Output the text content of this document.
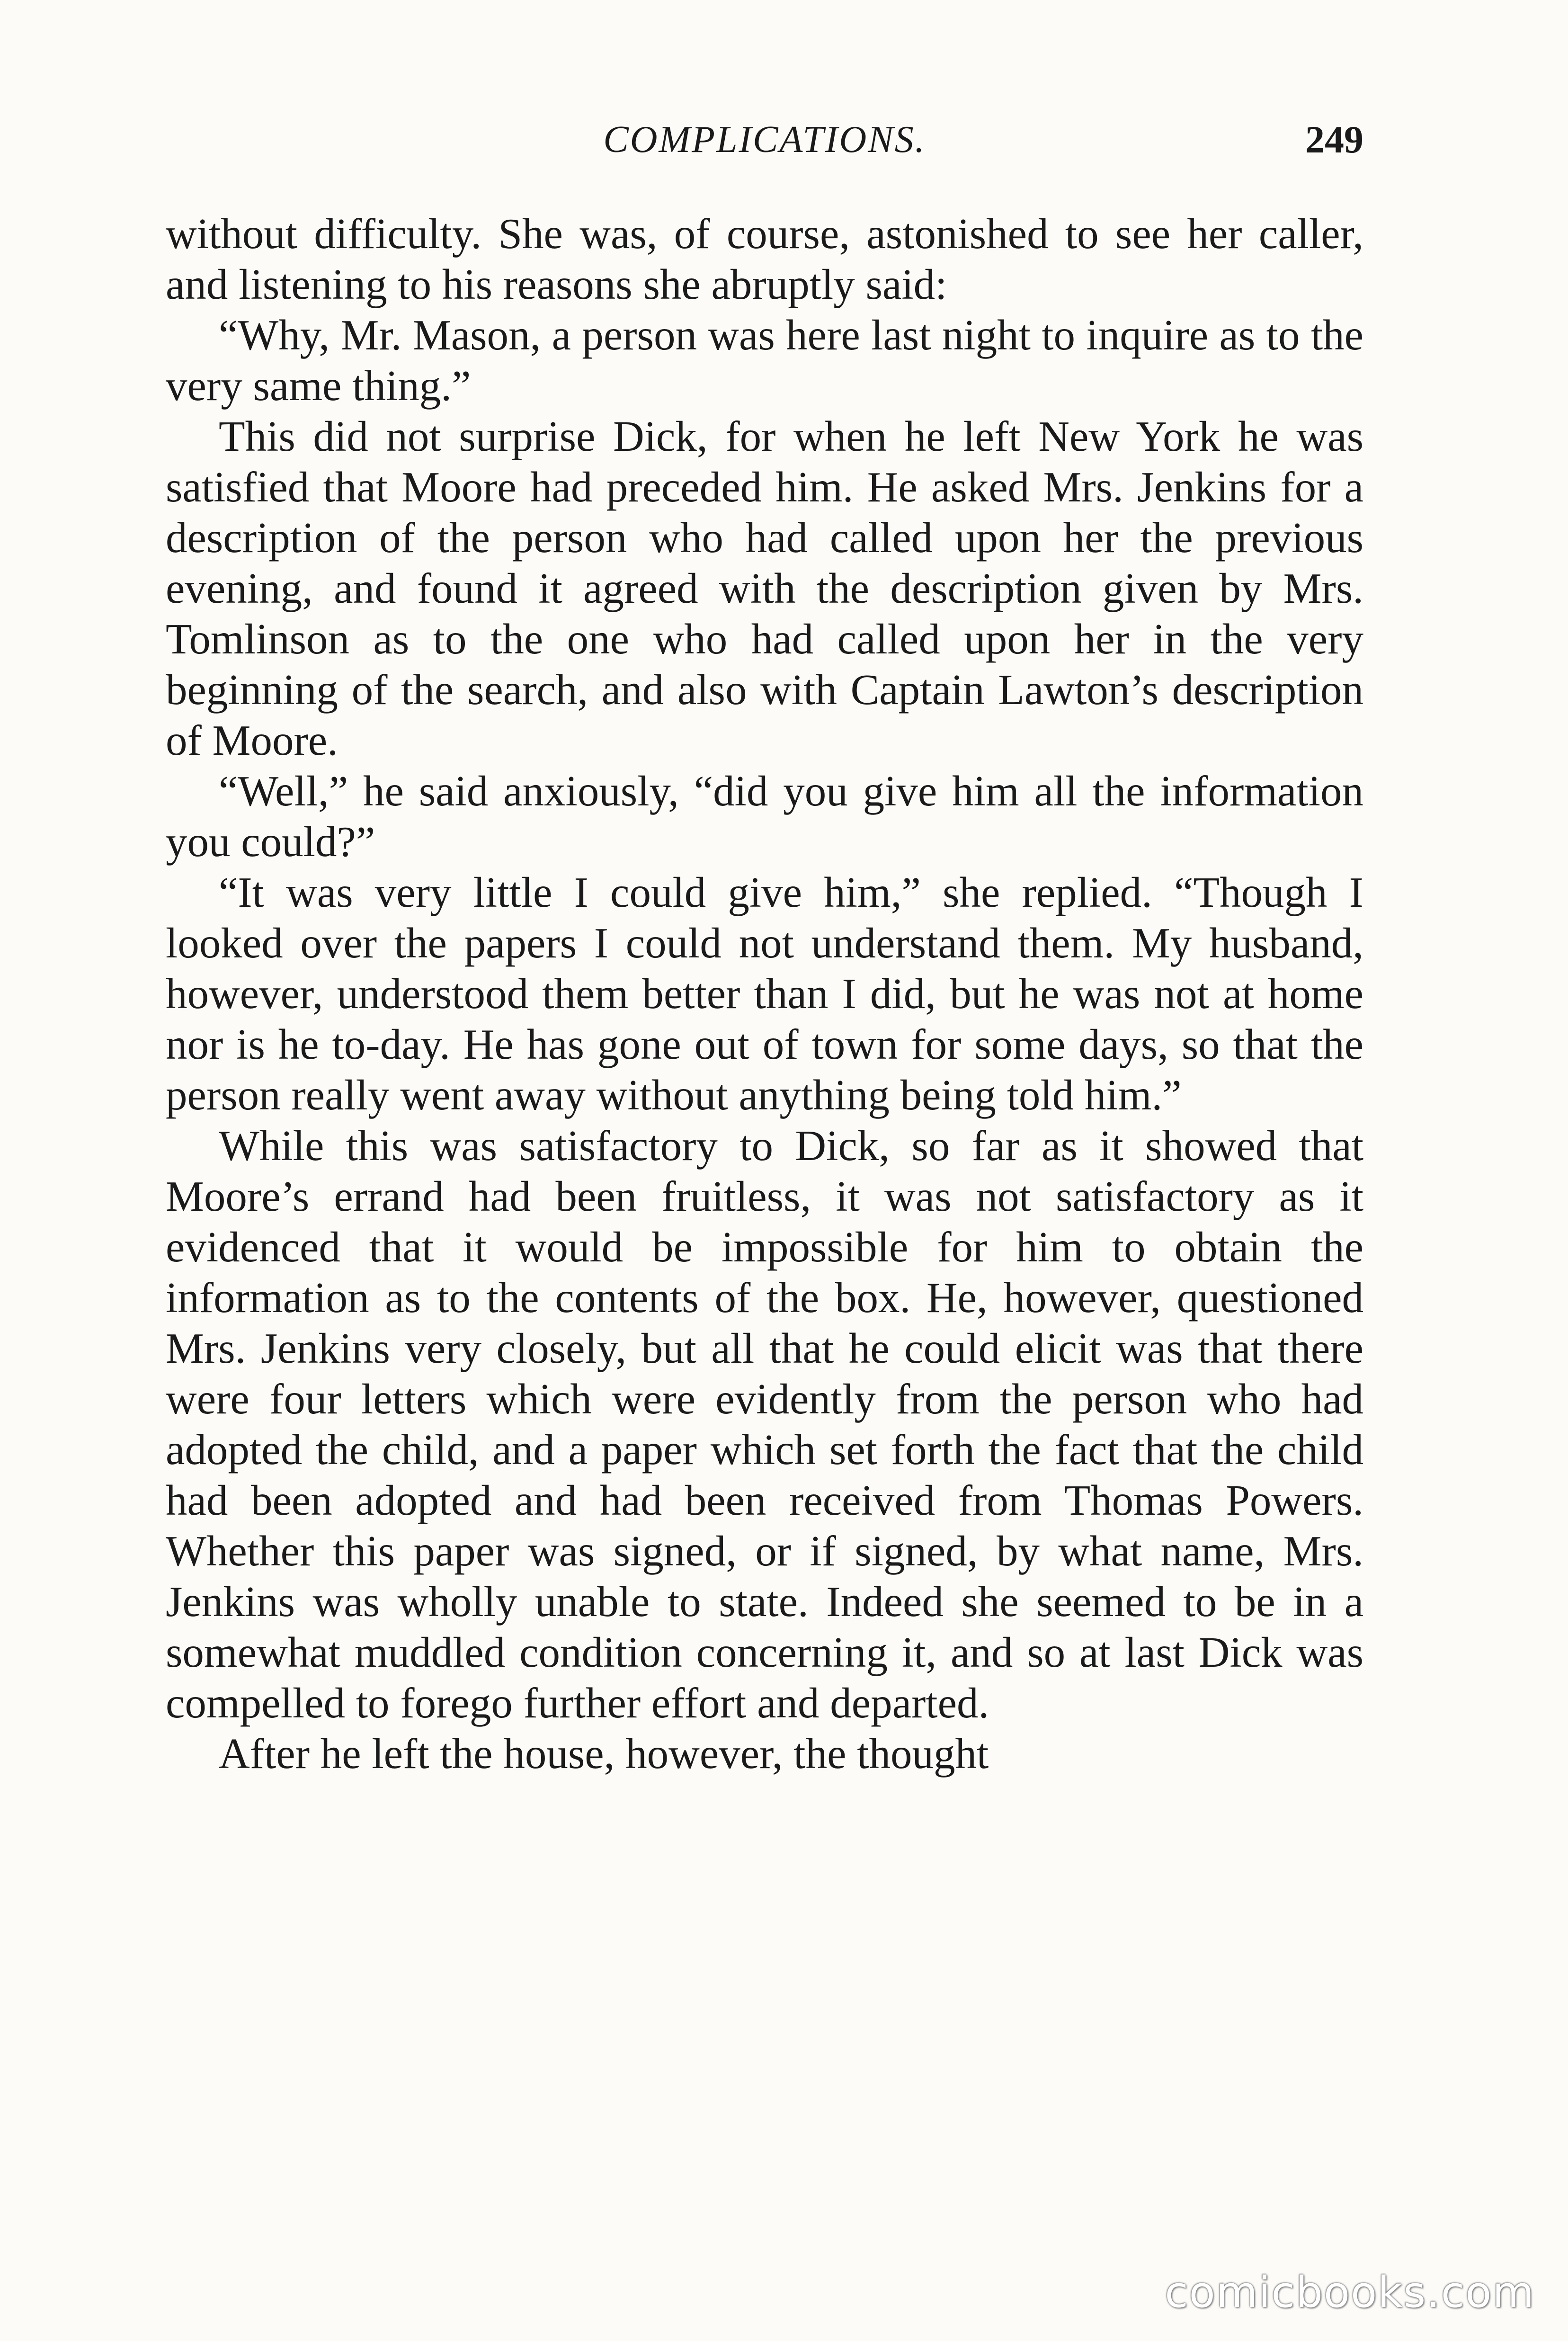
COMPLICATIONS.	249

without difficulty. She was, of course, astonished to see her caller, and listening to his reasons she abruptly said:

“Why, Mr. Mason, a person was here last night to inquire as to the very same thing.”

This did not surprise Dick, for when he left New York he was satisfied that Moore had preceded him. He asked Mrs. Jenkins for a description of the person who had called upon her the previous evening, and found it agreed with the description given by Mrs. Tomlinson as to the one who had called upon her in the very beginning of the search, and also with Captain Lawton’s description of Moore.

“Well,” he said anxiously, “did you give him all the information you could?”

“It was very little I could give him,” she replied. “Though I looked over the papers I could not understand them. My husband, however, understood them better than I did, but he was not at home nor is he to-day. He has gone out of town for some days, so that the person really went away without anything being told him.”

While this was satisfactory to Dick, so far as it showed that Moore’s errand had been fruitless, it was not satisfactory as it evidenced that it would be impossible for him to obtain the information as to the contents of the box. He, however, questioned Mrs. Jenkins very closely, but all that he could elicit was that there were four letters which were evidently from the person who had adopted the child, and a paper which set forth the fact that the child had been adopted and had been received from Thomas Powers. Whether this paper was signed, or if signed, by what name, Mrs. Jenkins was wholly unable to state. Indeed she seemed to be in a somewhat muddled condition concerning it, and so at last Dick was compelled to forego further effort and departed.

After he left the house, however, the thought

comicbooks.com
